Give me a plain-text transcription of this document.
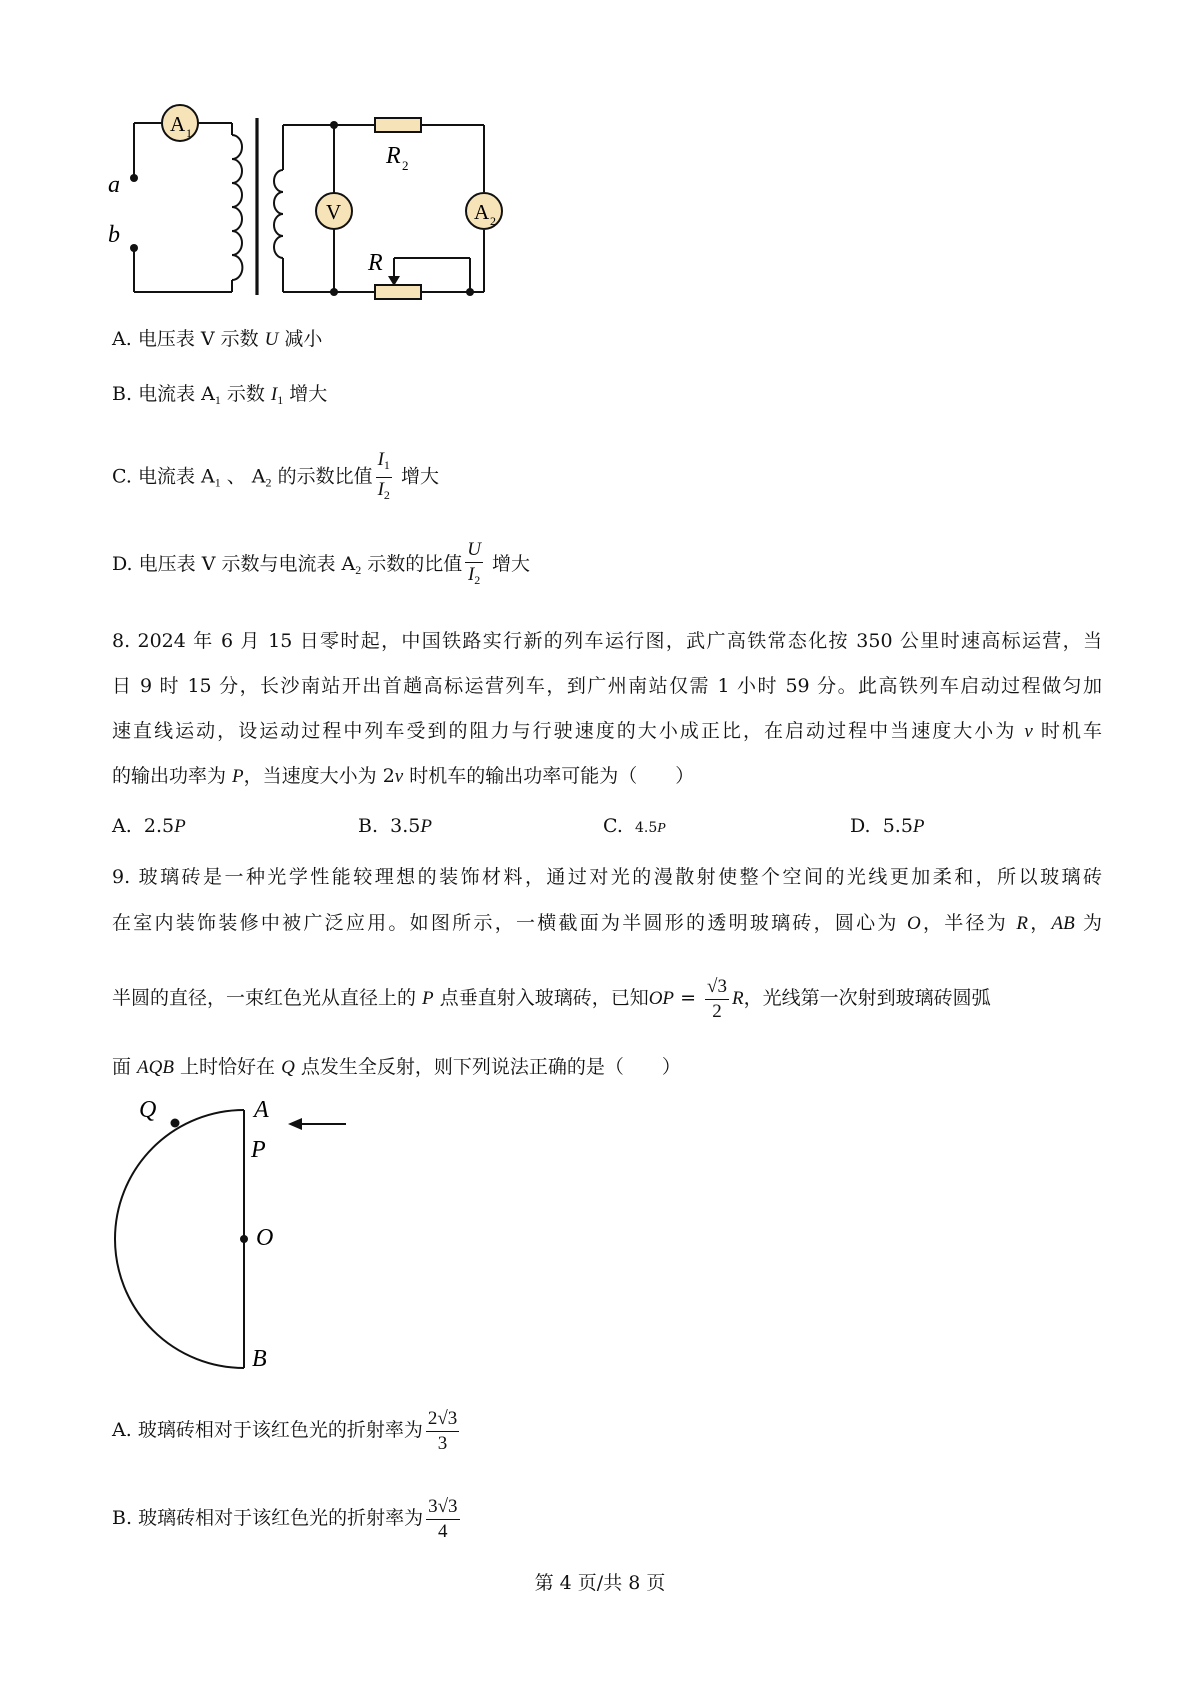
a
b
A 1
V	A 2
R 2
R
A. 电压表 V 示数 U 减小
B. 电流表 $A_1$ 示数 $I_1$ 增大
C. 电流表 $A_1$ 、 $A_2$ 的示数比值 $\frac{I_1}{I_2}$ 增大
D. 电压表 V 示数与电流表 $A_2$ 示数的比值 $\frac{U}{I_2}$ 增大
8. 2024 年 6 月 15 日零时起，中国铁路实行新的列车运行图，武广高铁常态化按 350 公里时速高标运营，当
日 9 时 15 分，长沙南站开出首趟高标运营列车，到广州南站仅需 1 小时 59 分。此高铁列车启动过程做匀加
速直线运动，设运动过程中列车受到的阻力与行驶速度的大小成正比，在启动过程中当速度大小为 v 时机车
的输出功率为 P，当速度大小为 2v 时机车的输出功率可能为（　　）
A. 2.5P	B. 3.5P	C. 4.5P	D. 5.5P
9. 玻璃砖是一种光学性能较理想的装饰材料，通过对光的漫散射使整个空间的光线更加柔和，所以玻璃砖
在室内装饰装修中被广泛应用。如图所示，一横截面为半圆形的透明玻璃砖，圆心为 O，半径为 R，AB 为
半圆的直径，一束红色光从直径上的 P 点垂直射入玻璃砖，已知OP = $\frac{√3}{2}$ R，光线第一次射到玻璃砖圆弧
面 AQB 上时恰好在 Q 点发生全反射，则下列说法正确的是（　　）
Q	A
P
O
B
A. 玻璃砖相对于该红色光的折射率为 $\frac{2√3}{3}$
B. 玻璃砖相对于该红色光的折射率为 $\frac{3√3}{4}$
第 4 页/共 8 页
